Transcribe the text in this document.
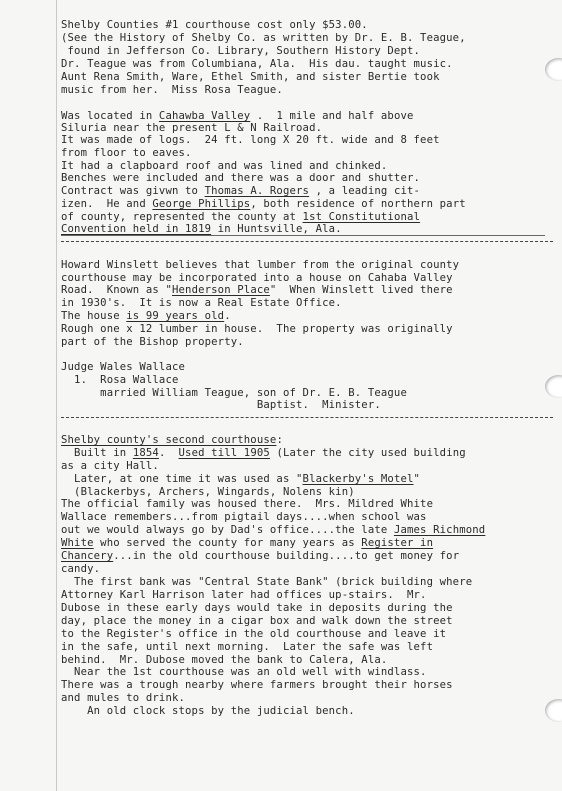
Shelby Counties #1 courthouse cost only $53.00.
(See the History of Shelby Co. as written by Dr. E. B. Teague,
found in Jefferson Co. Library, Southern History Dept.
Dr. Teague was from Columbiana, Ala.  His dau. taught music.
Aunt Rena Smith, Ware, Ethel Smith, and sister Bertie took
music from her.  Miss Rosa Teague.
Was located in Cahawba Valley .  1 mile and half above
Siluria near the present L & N Railroad.
It was made of logs.  24 ft. long X 20 ft. wide and 8 feet
from floor to eaves.
It had a clapboard roof and was lined and chinked.
Benches were included and there was a door and shutter.
Contract was givwn to Thomas A. Rogers , a leading cit-
izen.  He and George Phillips, both residence of northern part
of county, represented the county at 1st Constitutional
Convention held in 1819 in Huntsville, Ala.
Howard Winslett believes that lumber from the original county
courthouse may be incorporated into a house on Cahaba Valley
Road.  Known as "Henderson Place"  When Winslett lived there
in 1930's.  It is now a Real Estate Office.
The house is 99 years old.
Rough one x 12 lumber in house.  The property was originally
part of the Bishop property.
Judge Wales Wallace
1.  Rosa Wallace
married William Teague, son of Dr. E. B. Teague
Baptist.  Minister.
Shelby county's second courthouse:
Built in 1854.  Used till 1905 (Later the city used building
as a city Hall.
Later, at one time it was used as "Blackerby's Motel"
(Blackerbys, Archers, Wingards, Nolens kin)
The official family was housed there.  Mrs. Mildred White
Wallace remembers...from pigtail days....when school was
out we would always go by Dad's office....the late James Richmond
White who served the county for many years as Register in
Chancery...in the old courthouse building....to get money for
candy.
The first bank was "Central State Bank" (brick building where
Attorney Karl Harrison later had offices up-stairs.  Mr.
Dubose in these early days would take in deposits during the
day, place the money in a cigar box and walk down the street
to the Register's office in the old courthouse and leave it
in the safe, until next morning.  Later the safe was left
behind.  Mr. Dubose moved the bank to Calera, Ala.
Near the 1st courthouse was an old well with windlass.
There was a trough nearby where farmers brought their horses
and mules to drink.
An old clock stops by the judicial bench.
